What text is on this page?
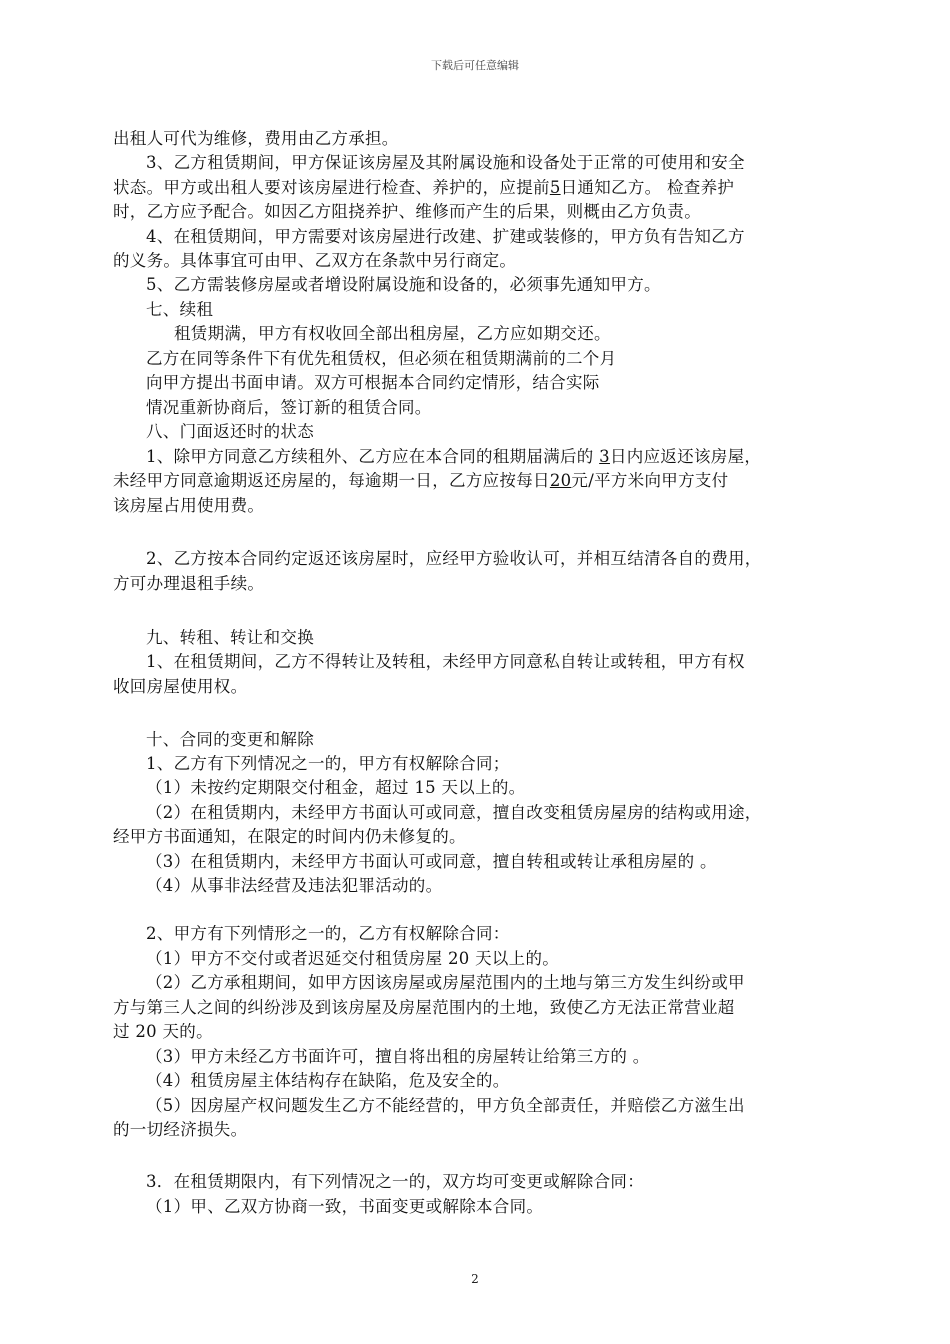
下载后可任意编辑
出租人可代为维修，费用由乙方承担。
3、乙方租赁期间，甲方保证该房屋及其附属设施和设备处于正常的可使用和安全
状态。甲方或出租人要对该房屋进行检查、养护的，应提前5日通知乙方。 检查养护
时，乙方应予配合。如因乙方阻挠养护、维修而产生的后果，则概由乙方负责。
4、在租赁期间，甲方需要对该房屋进行改建、扩建或装修的，甲方负有告知乙方
的义务。具体事宜可由甲、乙双方在条款中另行商定。
5、乙方需装修房屋或者增设附属设施和设备的，必须事先通知甲方。
七、续租
租赁期满，甲方有权收回全部出租房屋，乙方应如期交还。
乙方在同等条件下有优先租赁权，但必须在租赁期满前的二个月
向甲方提出书面申请。双方可根据本合同约定情形，结合实际
情况重新协商后，签订新的租赁合同。
八、门面返还时的状态
1、除甲方同意乙方续租外、乙方应在本合同的租期届满后的 3日内应返还该房屋，
未经甲方同意逾期返还房屋的，每逾期一日，乙方应按每日20元/平方米向甲方支付
该房屋占用使用费。
2、乙方按本合同约定返还该房屋时，应经甲方验收认可，并相互结清各自的费用，
方可办理退租手续。
九、转租、转让和交换
1、在租赁期间，乙方不得转让及转租，未经甲方同意私自转让或转租，甲方有权
收回房屋使用权。
十、合同的变更和解除
1、乙方有下列情况之一的，甲方有权解除合同；
（1）未按约定期限交付租金，超过 15 天以上的。
（2）在租赁期内，未经甲方书面认可或同意，擅自改变租赁房屋房的结构或用途，
经甲方书面通知，在限定的时间内仍未修复的。
（3）在租赁期内，未经甲方书面认可或同意，擅自转租或转让承租房屋的 。
（4）从事非法经营及违法犯罪活动的。
2、甲方有下列情形之一的，乙方有权解除合同：
（1）甲方不交付或者迟延交付租赁房屋 20 天以上的。
（2）乙方承租期间，如甲方因该房屋或房屋范围内的土地与第三方发生纠纷或甲
方与第三人之间的纠纷涉及到该房屋及房屋范围内的土地，致使乙方无法正常营业超
过 20 天的。
（3）甲方未经乙方书面许可，擅自将出租的房屋转让给第三方的 。
（4）租赁房屋主体结构存在缺陷，危及安全的。
（5）因房屋产权问题发生乙方不能经营的，甲方负全部责任，并赔偿乙方滋生出
的一切经济损失。
3．在租赁期限内，有下列情况之一的，双方均可变更或解除合同：
（1）甲、乙双方协商一致，书面变更或解除本合同。
2
